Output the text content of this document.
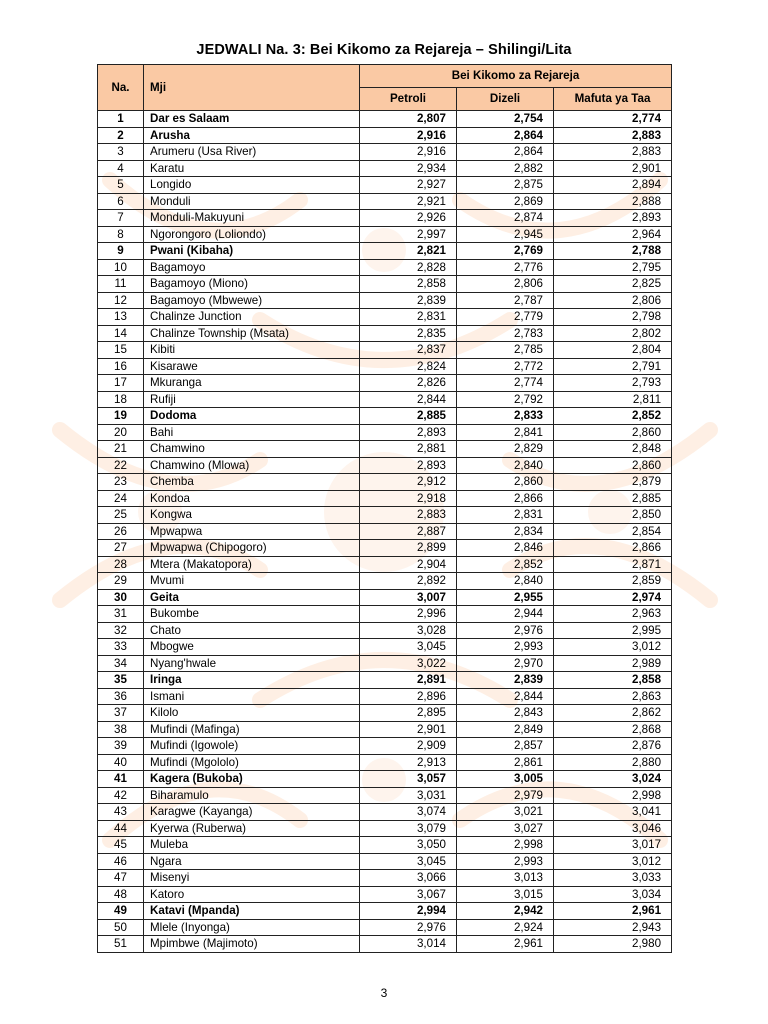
JEDWALI Na. 3: Bei Kikomo za Rejareja – Shilingi/Lita
Na.	Mji	Bei Kikomo za Rejareja		
		Petroli	Dizeli	Mafuta ya Taa
1	Dar es Salaam	2,807	2,754	2,774
2	Arusha	2,916	2,864	2,883
3	Arumeru (Usa River)	2,916	2,864	2,883
4	Karatu	2,934	2,882	2,901
5	Longido	2,927	2,875	2,894
6	Monduli	2,921	2,869	2,888
7	Monduli-Makuyuni	2,926	2,874	2,893
8	Ngorongoro (Loliondo)	2,997	2,945	2,964
9	Pwani (Kibaha)	2,821	2,769	2,788
10	Bagamoyo	2,828	2,776	2,795
11	Bagamoyo (Miono)	2,858	2,806	2,825
12	Bagamoyo (Mbwewe)	2,839	2,787	2,806
13	Chalinze Junction	2,831	2,779	2,798
14	Chalinze Township (Msata)	2,835	2,783	2,802
15	Kibiti	2,837	2,785	2,804
16	Kisarawe	2,824	2,772	2,791
17	Mkuranga	2,826	2,774	2,793
18	Rufiji	2,844	2,792	2,811
19	Dodoma	2,885	2,833	2,852
20	Bahi	2,893	2,841	2,860
21	Chamwino	2,881	2,829	2,848
22	Chamwino (Mlowa)	2,893	2,840	2,860
23	Chemba	2,912	2,860	2,879
24	Kondoa	2,918	2,866	2,885
25	Kongwa	2,883	2,831	2,850
26	Mpwapwa	2,887	2,834	2,854
27	Mpwapwa (Chipogoro)	2,899	2,846	2,866
28	Mtera (Makatopora)	2,904	2,852	2,871
29	Mvumi	2,892	2,840	2,859
30	Geita	3,007	2,955	2,974
31	Bukombe	2,996	2,944	2,963
32	Chato	3,028	2,976	2,995
33	Mbogwe	3,045	2,993	3,012
34	Nyang'hwale	3,022	2,970	2,989
35	Iringa	2,891	2,839	2,858
36	Ismani	2,896	2,844	2,863
37	Kilolo	2,895	2,843	2,862
38	Mufindi (Mafinga)	2,901	2,849	2,868
39	Mufindi (Igowole)	2,909	2,857	2,876
40	Mufindi (Mgololo)	2,913	2,861	2,880
41	Kagera (Bukoba)	3,057	3,005	3,024
42	Biharamulo	3,031	2,979	2,998
43	Karagwe (Kayanga)	3,074	3,021	3,041
44	Kyerwa (Ruberwa)	3,079	3,027	3,046
45	Muleba	3,050	2,998	3,017
46	Ngara	3,045	2,993	3,012
47	Misenyi	3,066	3,013	3,033
48	Katoro	3,067	3,015	3,034
49	Katavi (Mpanda)	2,994	2,942	2,961
50	Mlele (Inyonga)	2,976	2,924	2,943
51	Mpimbwe (Majimoto)	3,014	2,961	2,980
3
